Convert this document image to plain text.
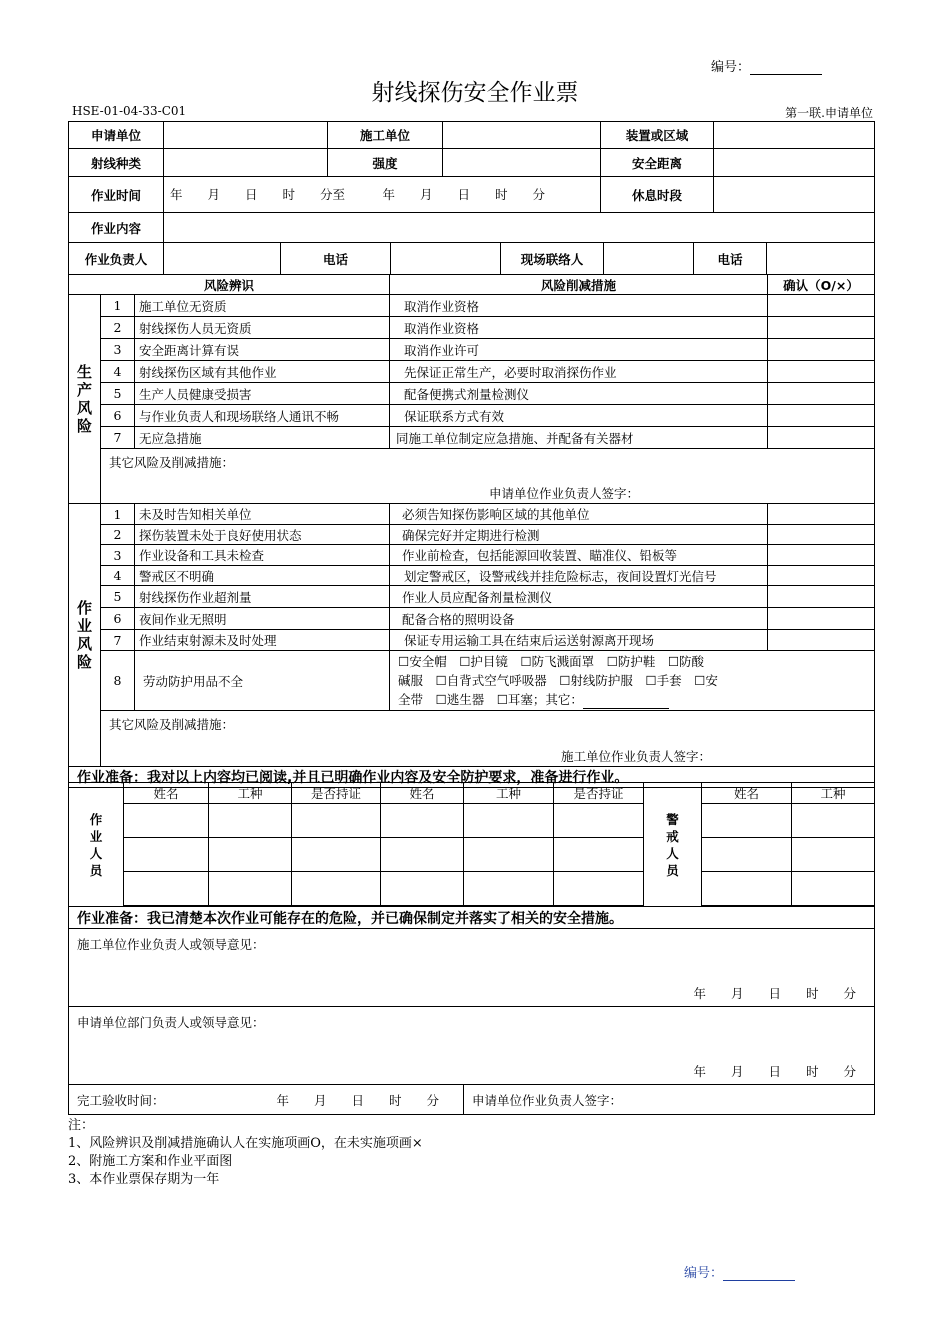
编号：
射线探伤安全作业票
HSE-01-04-33-C01	第一联.申请单位
申请单位		施工单位		装置或区域	
射线种类		强度		安全距离	
作业时间	年　　月　　日　　时　　分至　　　年　　月　　日　　时　　分			休息时段	
作业内容					
作业负责人		电话		现场联络人		电话	
风险辨识			风险削减措施	确认（O/×）
生产风险	1	施工单位无资质	取消作业资格	
	2	射线探伤人员无资质	取消作业资格	
	3	安全距离计算有误	取消作业许可	
	4	射线探伤区域有其他作业	先保证正常生产，必要时取消探伤作业	
	5	生产人员健康受损害	配备便携式剂量检测仪	
	6	与作业负责人和现场联络人通讯不畅	保证联系方式有效	
	7	无应急措施	同施工单位制定应急措施、并配备有关器材	

	其它风险及削减措施：
申请单位作业负责人签字：			

作业风险	1	未及时告知相关单位	必须告知探伤影响区域的其他单位	
	2	探伤装置未处于良好使用状态	确保完好并定期进行检测	
	3	作业设备和工具未检查	作业前检查，包括能源回收装置、瞄准仪、铅板等	
	4	警戒区不明确	划定警戒区，设警戒线并挂危险标志，夜间设置灯光信号	
	5	射线探伤作业超剂量	作业人员应配备剂量检测仪	
	6	夜间作业无照明	配备合格的照明设备	
	7	作业结束射源未及时处理	保证专用运输工具在结束后运送射源离开现场	
	8	劳动防护用品不全	☐安全帽　☐护目镜　☐防飞溅面罩　☐防护鞋　☐防酸
碱服　☐自背式空气呼吸器　☐射线防护服　☐手套　☐安
全带　☐逃生器　☐耳塞；其它：	

	其它风险及削减措施：
施工单位作业负责人签字：			

作业准备：我对以上内容均已阅读,并且已明确作业内容及安全防护要求，准备进行作业。				
作业人员	姓名	工种	是否持证	姓名	工种	是否持证	警戒人员	姓名	工种

作业准备：我已清楚本次作业可能存在的危险，并已确保制定并落实了相关的安全措施。

施工单位作业负责人或领导意见：
年　　月　　日　　时　　分

申请单位部门负责人或领导意见：
年　　月　　日　　时　　分

完工验收时间：	年　　月　　日　　时　　分	申请单位作业负责人签字：
注：
1、风险辨识及削减措施确认人在实施项画O，在未实施项画×
2、附施工方案和作业平面图
3、本作业票保存期为一年
编号：
